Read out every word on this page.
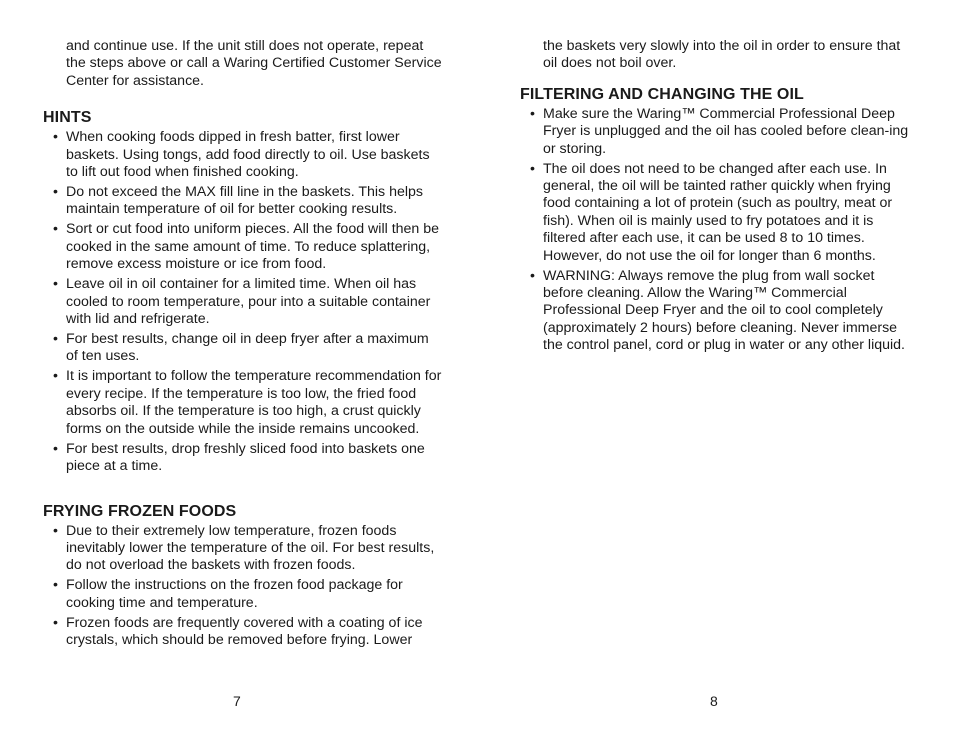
and continue use. If the unit still does not operate, repeat the steps above or call a Waring Certified Customer Service Center for assistance.

HINTS
• When cooking foods dipped in fresh batter, first lower baskets. Using tongs, add food directly to oil. Use baskets to lift out food when finished cooking.
• Do not exceed the MAX fill line in the baskets. This helps maintain temperature of oil for better cooking results.
• Sort or cut food into uniform pieces. All the food will then be cooked in the same amount of time. To reduce splattering, remove excess moisture or ice from food.
• Leave oil in oil container for a limited time. When oil has cooled to room temperature, pour into a suitable container with lid and refrigerate.
• For best results, change oil in deep fryer after a maximum of ten uses.
• It is important to follow the temperature recommendation for every recipe. If the temperature is too low, the fried food absorbs oil. If the temperature is too high, a crust quickly forms on the outside while the inside remains uncooked.
• For best results, drop freshly sliced food into baskets one piece at a time.
FRYING FROZEN FOODS
• Due to their extremely low temperature, frozen foods inevitably lower the temperature of the oil. For best results, do not overload the baskets with frozen foods.
• Follow the instructions on the frozen food package for cooking time and temperature.
• Frozen foods are frequently covered with a coating of ice crystals, which should be removed before frying. Lower

the baskets very slowly into the oil in order to ensure that oil does not boil over.

FILTERING AND CHANGING THE OIL
• Make sure the Waring™ Commercial Professional Deep Fryer is unplugged and the oil has cooled before clean-ing or storing.
• The oil does not need to be changed after each use. In general, the oil will be tainted rather quickly when frying food containing a lot of protein (such as poultry, meat or fish). When oil is mainly used to fry potatoes and it is filtered after each use, it can be used 8 to 10 times. However, do not use the oil for longer than 6 months.
• WARNING: Always remove the plug from wall socket before cleaning. Allow the Waring™ Commercial Professional Deep Fryer and the oil to cool completely (approximately 2 hours) before cleaning. Never immerse the control panel, cord or plug in water or any other liquid.
7	8
